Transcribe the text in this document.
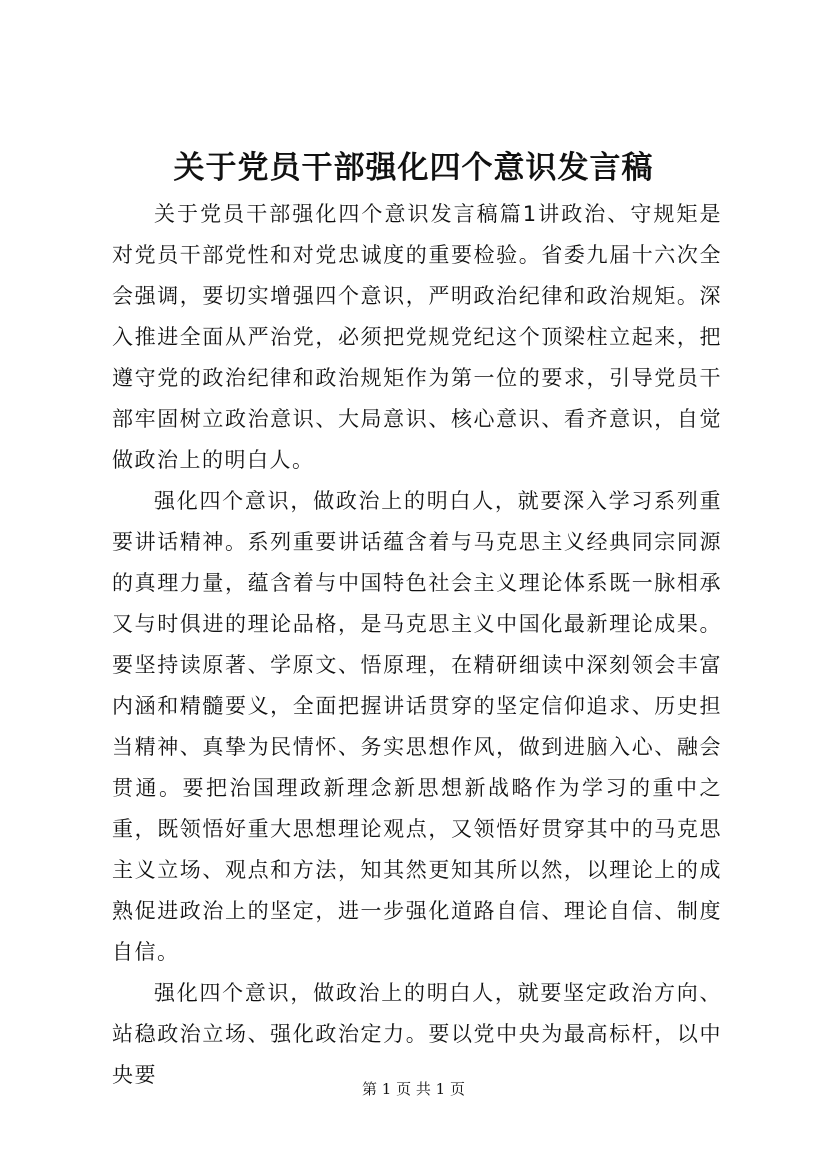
关于党员干部强化四个意识发言稿

关于党员干部强化四个意识发言稿篇1讲政治、守规矩是对党员干部党性和对党忠诚度的重要检验。省委九届十六次全会强调，要切实增强四个意识，严明政治纪律和政治规矩。深入推进全面从严治党，必须把党规党纪这个顶梁柱立起来，把遵守党的政治纪律和政治规矩作为第一位的要求，引导党员干部牢固树立政治意识、大局意识、核心意识、看齐意识，自觉做政治上的明白人。

强化四个意识，做政治上的明白人，就要深入学习系列重要讲话精神。系列重要讲话蕴含着与马克思主义经典同宗同源的真理力量，蕴含着与中国特色社会主义理论体系既一脉相承又与时俱进的理论品格，是马克思主义中国化最新理论成果。要坚持读原著、学原文、悟原理，在精研细读中深刻领会丰富内涵和精髓要义，全面把握讲话贯穿的坚定信仰追求、历史担当精神、真挚为民情怀、务实思想作风，做到进脑入心、融会贯通。要把治国理政新理念新思想新战略作为学习的重中之重，既领悟好重大思想理论观点，又领悟好贯穿其中的马克思主义立场、观点和方法，知其然更知其所以然，以理论上的成熟促进政治上的坚定，进一步强化道路自信、理论自信、制度自信。

强化四个意识，做政治上的明白人，就要坚定政治方向、站稳政治立场、强化政治定力。要以党中央为最高标杆，以中央要

第 1 页 共 1 页
